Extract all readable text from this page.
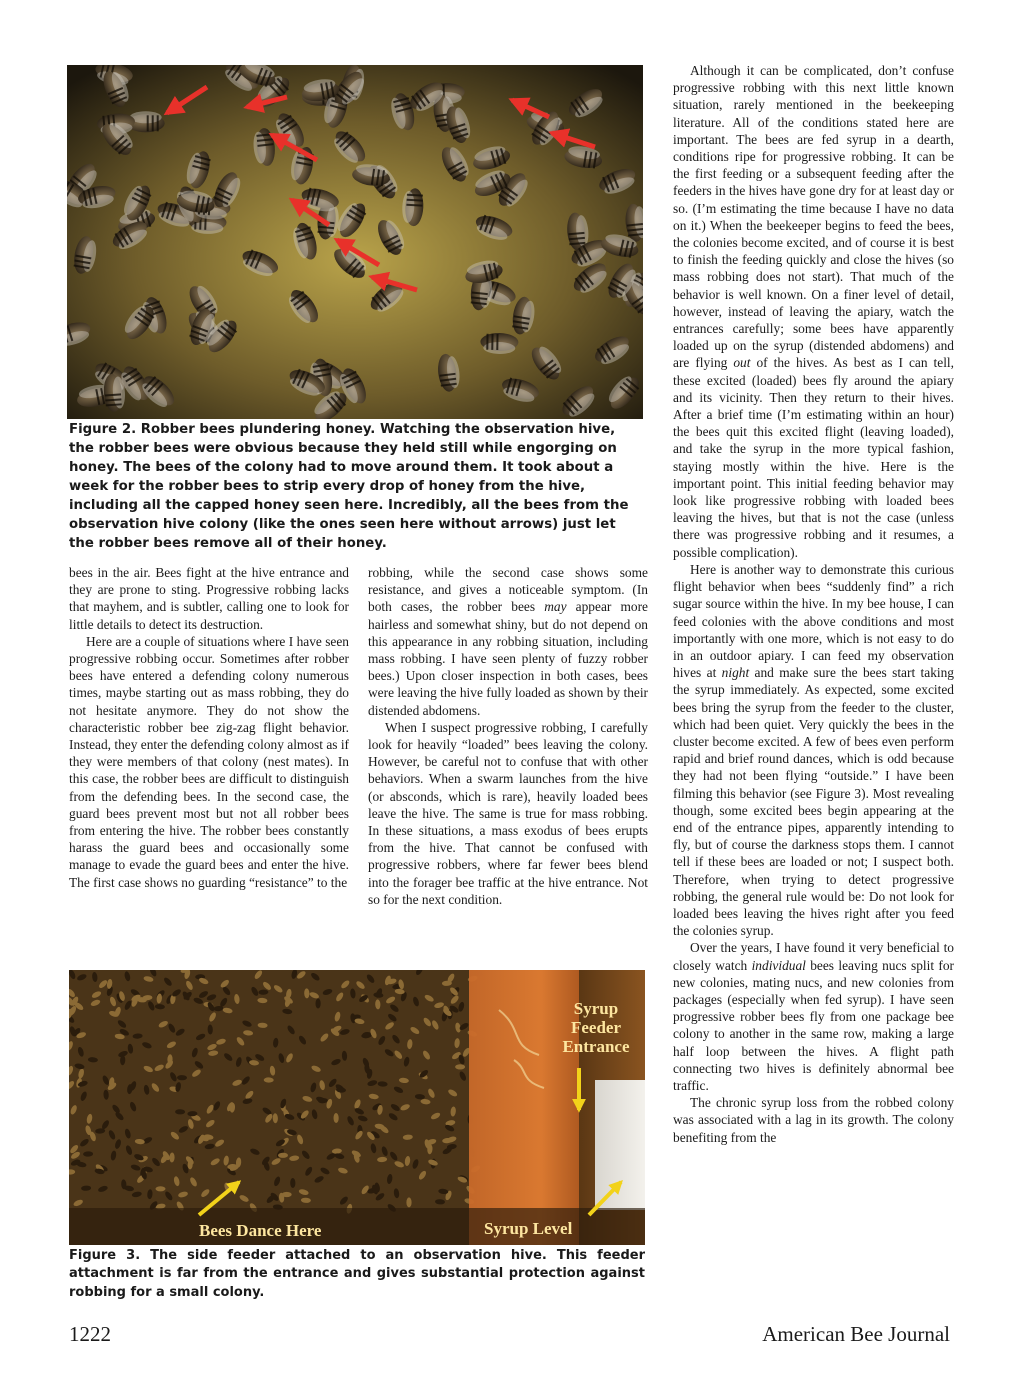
Figure 2. Robber bees plundering honey. Watching the observation hive, the robber bees were obvious because they held still while engorging on honey. The bees of the colony had to move around them. It took about a week for the robber bees to strip every drop of honey from the hive, including all the capped honey seen here. Incredibly, all the bees from the observation hive colony (like the ones seen here without arrows) just let the robber bees remove all of their honey.

bees in the air. Bees fight at the hive entrance and they are prone to sting. Progressive robbing lacks that mayhem, and is subtler, calling one to look for little details to detect its destruction.

Here are a couple of situations where I have seen progressive robbing occur. Sometimes after robber bees have entered a defending colony numerous times, maybe starting out as mass robbing, they do not hesitate anymore. They do not show the characteristic robber bee zig-zag flight behavior. Instead, they enter the defending colony almost as if they were members of that colony (nest mates). In this case, the robber bees are difficult to distinguish from the defending bees. In the second case, the guard bees prevent most but not all robber bees from entering the hive. The robber bees constantly harass the guard bees and occasionally some manage to evade the guard bees and enter the hive. The first case shows no guarding “resistance” to the

robbing, while the second case shows some resistance, and gives a noticeable symptom. (In both cases, the robber bees may appear more hairless and somewhat shiny, but do not depend on this appearance in any robbing situation, including mass robbing. I have seen plenty of fuzzy robber bees.) Upon closer inspection in both cases, bees were leaving the hive fully loaded as shown by their distended abdomens.

When I suspect progressive robbing, I carefully look for heavily “loaded” bees leaving the colony. However, be careful not to confuse that with other behaviors. When a swarm launches from the hive (or absconds, which is rare), heavily loaded bees leave the hive. The same is true for mass robbing. In these situations, a mass exodus of bees erupts from the hive. That cannot be confused with progressive robbers, where far fewer bees blend into the forager bee traffic at the hive entrance. Not so for the next condition.

Although it can be complicated, don’t confuse progressive robbing with this next little known situation, rarely mentioned in the beekeeping literature. All of the conditions stated here are important. The bees are fed syrup in a dearth, conditions ripe for progressive robbing. It can be the first feeding or a subsequent feeding after the feeders in the hives have gone dry for at least day or so. (I’m estimating the time because I have no data on it.) When the beekeeper begins to feed the bees, the colonies become excited, and of course it is best to finish the feeding quickly and close the hives (so mass robbing does not start). That much of the behavior is well known. On a finer level of detail, however, instead of leaving the apiary, watch the entrances carefully; some bees have apparently loaded up on the syrup (distended abdomens) and are flying out of the hives. As best as I can tell, these excited (loaded) bees fly around the apiary and its vicinity. Then they return to their hives. After a brief time (I’m estimating within an hour) the bees quit this excited flight (leaving loaded), and take the syrup in the more typical fashion, staying mostly within the hive. Here is the important point. This initial feeding behavior may look like progressive robbing with loaded bees leaving the hives, but that is not the case (unless there was progressive robbing and it resumes, a possible complication).

Here is another way to demonstrate this curious flight behavior when bees “suddenly find” a rich sugar source within the hive. In my bee house, I can feed colonies with the above conditions and most importantly with one more, which is not easy to do in an outdoor apiary. I can feed my observation hives at night and make sure the bees start taking the syrup immediately. As expected, some excited bees bring the syrup from the feeder to the cluster, which had been quiet. Very quickly the bees in the cluster become excited. A few of bees even perform rapid and brief round dances, which is odd because they had not been flying “outside.” I have been filming this behavior (see Figure 3). Most revealing though, some excited bees begin appearing at the end of the entrance pipes, apparently intending to fly, but of course the darkness stops them. I cannot tell if these bees are loaded or not; I suspect both. Therefore, when trying to detect progressive robbing, the general rule would be: Do not look for loaded bees leaving the hives right after you feed the colonies syrup.

Over the years, I have found it very beneficial to closely watch individual bees leaving nucs split for new colonies, mating nucs, and new colonies from packages (especially when fed syrup). I have seen progressive robber bees fly from one package bee colony to another in the same row, making a large half loop between the hives. A flight path connecting two hives is definitely abnormal bee traffic.

The chronic syrup loss from the robbed colony was associated with a lag in its growth. The colony benefiting from the

Syrup
Feeder
Entrance
Bees Dance Here	Syrup Level
Figure 3. The side feeder attached to an observation hive. This feeder attachment is far from the entrance and gives substantial protection against robbing for a small colony.
1222	American Bee Journal
